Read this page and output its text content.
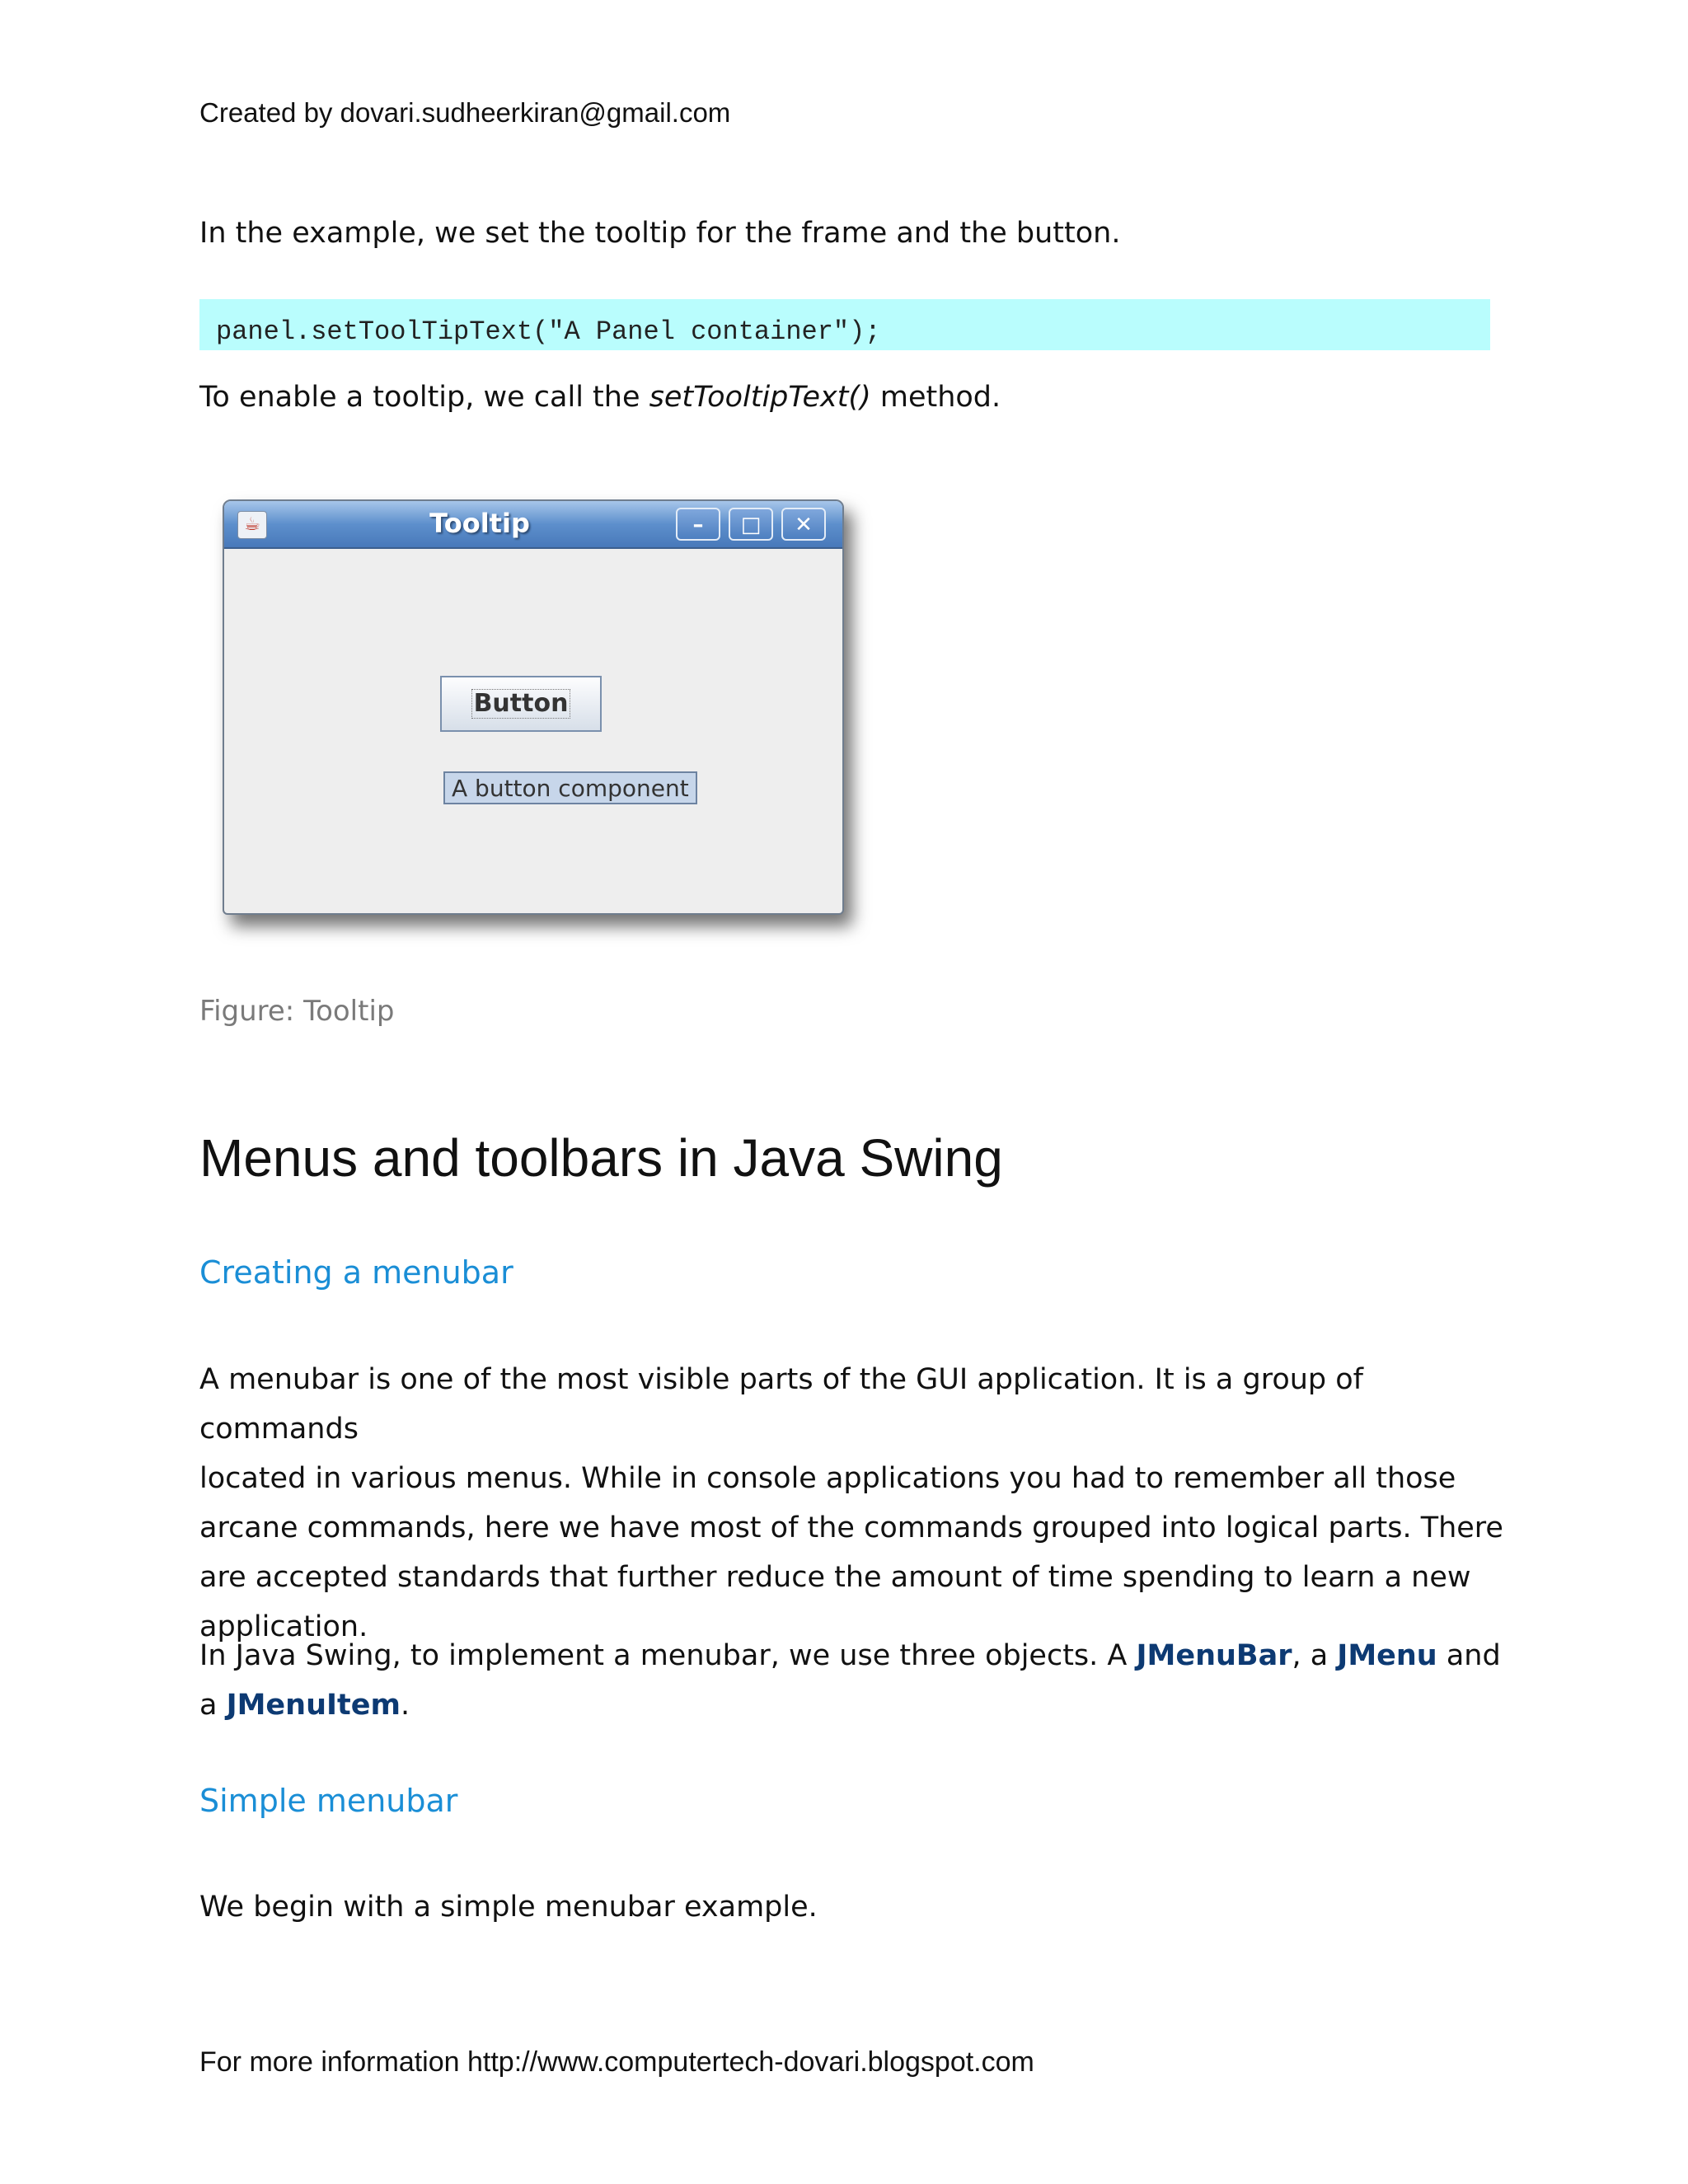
Created by dovari.sudheerkiran@gmail.com
In the example, we set the tooltip for the frame and the button.
panel.setToolTipText("A Panel container");
To enable a tooltip, we call the setTooltipText() method.
☕	Tooltip	–	□	✕
Button
A button component
Figure: Tooltip
Menus and toolbars in Java Swing
Creating a menubar
A menubar is one of the most visible parts of the GUI application. It is a group of commands
located in various menus. While in console applications you had to remember all those
arcane commands, here we have most of the commands grouped into logical parts. There
are accepted standards that further reduce the amount of time spending to learn a new
application.
In Java Swing, to implement a menubar, we use three objects. A JMenuBar, a JMenu and
a JMenuItem.
Simple menubar
We begin with a simple menubar example.
For more information http://www.computertech-dovari.blogspot.com
